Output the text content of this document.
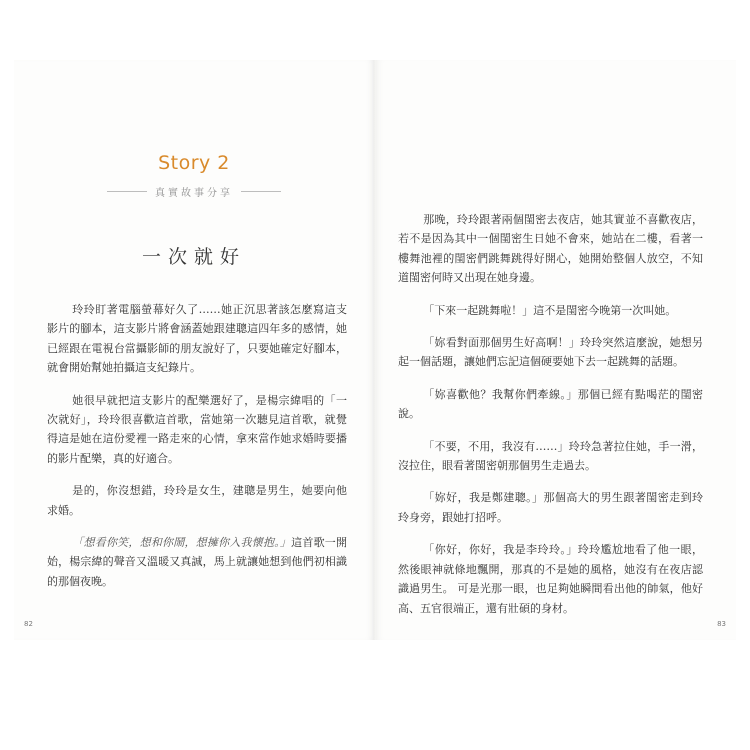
Story 2
真實故事分享
一次就好

玲玲盯著電腦螢幕好久了……她正沉思著該怎麼寫這支影片的腳本，這支影片將會涵蓋她跟建聰這四年多的感情，她已經跟在電視台當攝影師的朋友說好了，只要她確定好腳本，就會開始幫她拍攝這支紀錄片。

她很早就把這支影片的配樂選好了，是楊宗緯唱的「一次就好」，玲玲很喜歡這首歌，當她第一次聽見這首歌，就覺得這是她在這份愛裡一路走來的心情，拿來當作她求婚時要播的影片配樂，真的好適合。

是的，你沒想錯，玲玲是女生，建聰是男生，她要向他求婚。

「想看你笑，想和你鬧，想擁你入我懷抱。」這首歌一開始，楊宗緯的聲音又溫暖又真誠，馬上就讓她想到他們初相識的那個夜晚。

82

那晚，玲玲跟著兩個閨密去夜店，她其實並不喜歡夜店，若不是因為其中一個閨密生日她不會來，她站在二樓，看著一樓舞池裡的閨密們跳舞跳得好開心，她開始整個人放空，不知道閨密何時又出現在她身邊。

「下來一起跳舞啦！」這不是閨密今晚第一次叫她。

「妳看對面那個男生好高啊！」玲玲突然這麼說，她想另起一個話題，讓她們忘記這個硬要她下去一起跳舞的話題。

「妳喜歡他？我幫你們牽線。」那個已經有點喝茫的閨密說。

「不要，不用，我沒有……」玲玲急著拉住她，手一滑，沒拉住，眼看著閨密朝那個男生走過去。

「妳好，我是鄭建聰。」那個高大的男生跟著閨密走到玲玲身旁，跟她打招呼。

「你好，你好，我是李玲玲。」玲玲尷尬地看了他一眼，然後眼神就條地飄開，那真的不是她的風格，她沒有在夜店認識過男生。 可是光那一眼，也足夠她瞬間看出他的帥氣，他好高、五官很端正，還有壯碩的身材。

83
